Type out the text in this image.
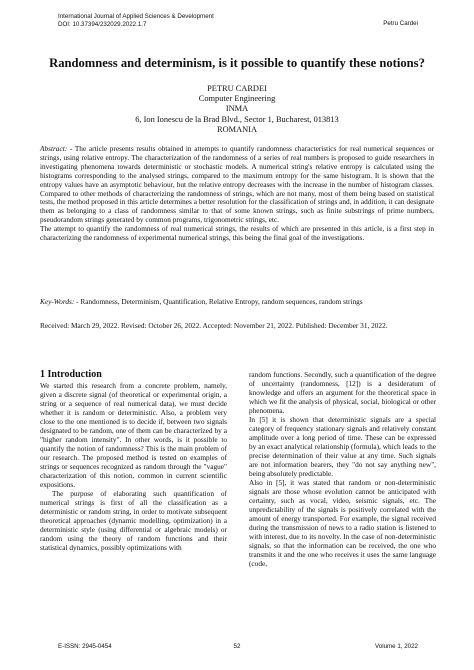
International Journal of Applied Sciences & Development
DOI: 10.37394/232029.2022.1.7	Petru Cardei
Randomness and determinism, is it possible to quantify these notions?
PETRU CARDEI
Computer Engineering
INMA
6, Ion Ionescu de la Brad Blvd., Sector 1, Bucharest, 013813
ROMANIA

Abstract: - The article presents results obtained in attempts to quantify randomness characteristics for real numerical sequences or strings, using relative entropy. The characterization of the randomness of a series of real numbers is proposed to guide researchers in investigating phenomena towards deterministic or stochastic models. A numerical string's relative entropy is calculated using the histograms corresponding to the analysed strings, compared to the maximum entropy for the same histogram. It is shown that the entropy values have an asymptotic behaviour, but the relative entropy decreases with the increase in the number of histogram classes. Compared to other methods of characterizing the randomness of strings, which are not many, most of them being based on statistical tests, the method proposed in this article determines a better resolution for the classification of strings and, in addition, it can designate them as belonging to a class of randomness similar to that of some known strings, such as finite substrings of prime numbers, pseudorandom strings generated by common programs, trigonometric strings, etc.

The attempt to quantify the randomness of real numerical strings, the results of which are presented in this article, is a first step in characterizing the randomness of experimental numerical strings, this being the final goal of the investigations.

Key-Words: - Randomness, Determinism, Quantification, Relative Entropy, random sequences, random strings
Received: March 29, 2022. Revised: October 26, 2022. Accepted: November 21, 2022. Published: December 31, 2022.
1 Introduction

We started this research from a concrete problem, namely, given a discrete signal (of theoretical or experimental origin, a string or a sequence of real numerical data), we must decide whether it is random or deterministic. Also, a problem very close to the one mentioned is to decide if, between two signals designated to be random, one of them can be characterized by a "higher random intensity". In other words, is it possible to quantify the notion of randomness? This is the main problem of our research. The proposed method is tested on examples of strings or sequences recognized as random through the "vague" characterization of this notion, common in current scientific expositions.

The purpose of elaborating such quantification of numerical strings is first of all the classification as a deterministic or random string, in order to motivate subsequent theoretical approaches (dynamic modelling, optimization) in a deterministic style (using differential or algebraic models) or random using the theory of random functions and their statistical dynamics, possibly optimizations with

random functions. Secondly, such a quantification of the degree of uncertainty (randomness, [12]) is a desideratum of knowledge and offers an argument for the theoretical space in which we fit the analysis of physical, social, biological or other phenomena.

In [5] it is shown that deterministic signals are a special category of frequency stationary signals and relatively constant amplitude over a long period of time. These can be expressed by an exact analytical relationship (formula), which leads to the precise determination of their value at any time. Such signals are not information bearers, they "do not say anything new", being absolutely predictable.

Also in [5], it was stated that random or non-deterministic signals are those whose evolution cannot be anticipated with certainty, such as vocal, video, seismic signals, etc. The unpredictability of the signals is positively correlated with the amount of energy transported. For example, the signal received during the transmission of news to a radio station is listened to with interest, due to its novelty. In the case of non-deterministic signals, so that the information can be received, the one who transmits it and the one who receives it uses the same language (code,

E-ISSN: 2945-0454	52	Volume 1, 2022
